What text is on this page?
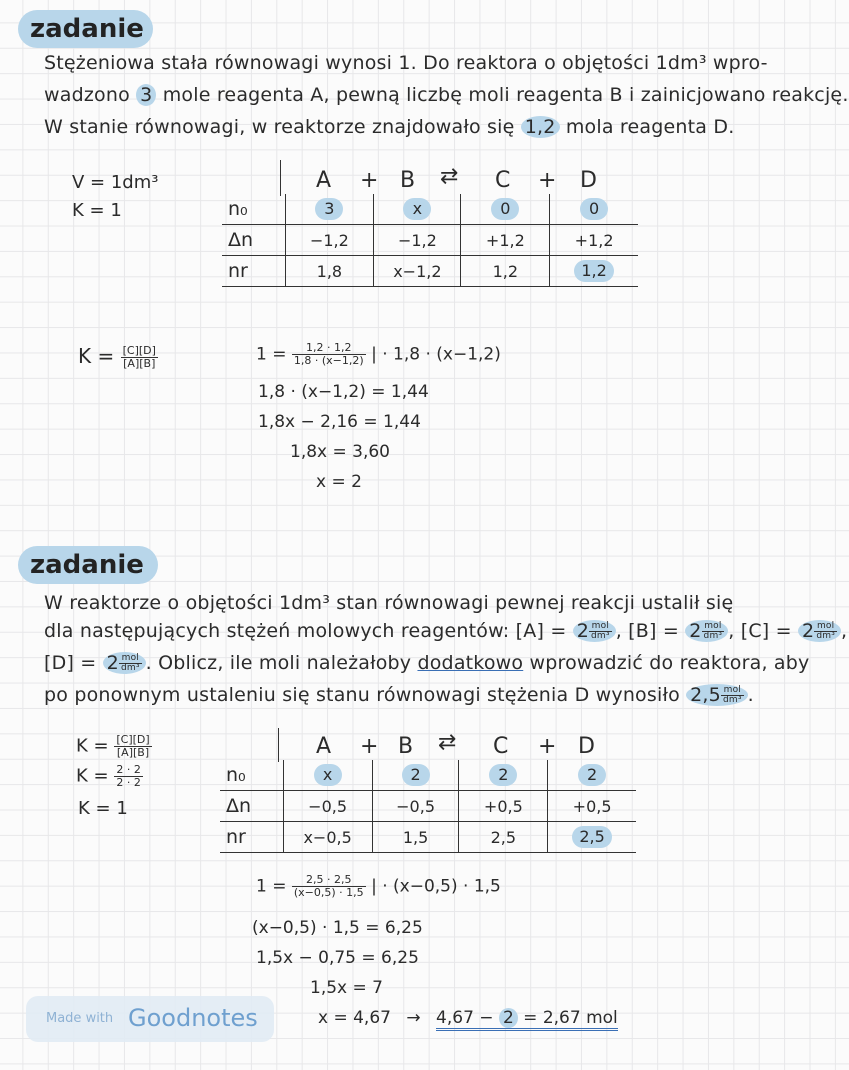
zadanie
Stężeniowa stała równowagi wynosi 1. Do reaktora o objętości 1dm³ wpro-
wadzono 3 mole reagenta A, pewną liczbę moli reagenta B i zainicjowano reakcję.
W stanie równowagi, w reaktorze znajdowało się 1,2 mola reagenta D.
V = 1dm³
K = 1
A + B ⇄ C + D
n₀	3	x	0	0
Δn	−1,2	−1,2	+1,2	+1,2
nr	1,8	x−1,2	1,2	1,2
$K = \frac{[C][D]}{[A][B]}$	$1 = \frac{1,2 \cdot 1,2}{1,8 \cdot (x-1,2)}$ | · 1,8 · (x−1,2)
1,8 · (x−1,2) = 1,44
1,8x − 2,16 = 1,44
1,8x = 3,60
x = 2
zadanie
W reaktorze o objętości 1dm³ stan równowagi pewnej reakcji ustalił się
dla następujących stężeń molowych reagentów: $[A] = 2 \frac{\text{mol}}{\text{dm³}}$ , $[B] = 2 \frac{\text{mol}}{\text{dm³}}$ , $[C] = 2 \frac{\text{mol}}{\text{dm³}}$ ,
$[D] = 2 \frac{\text{mol}}{\text{dm³}}$ . Oblicz, ile moli należałoby dodatkowo wprowadzić do reaktora, aby
po ponownym ustaleniu się stanu równowagi stężenia D wynosiło $2,5 \frac{\text{mol}}{\text{dm³}}$ .
$K = \frac{[C][D]}{[A][B]}$
$K = \frac{2 \cdot 2}{2 \cdot 2}$
K = 1
A + B ⇄ C + D
n₀	x	2	2	2
Δn	−0,5	−0,5	+0,5	+0,5
nr	x−0,5	1,5	2,5	2,5
$1 = \frac{2,5 \cdot 2,5}{(x-0,5) \cdot 1,5}$ | · (x−0,5) · 1,5
(x−0,5) · 1,5 = 6,25
1,5x − 0,75 = 6,25
1,5x = 7
x = 4,67 → 4,67 − 2 = 2,67 mol
Made with Goodnotes
